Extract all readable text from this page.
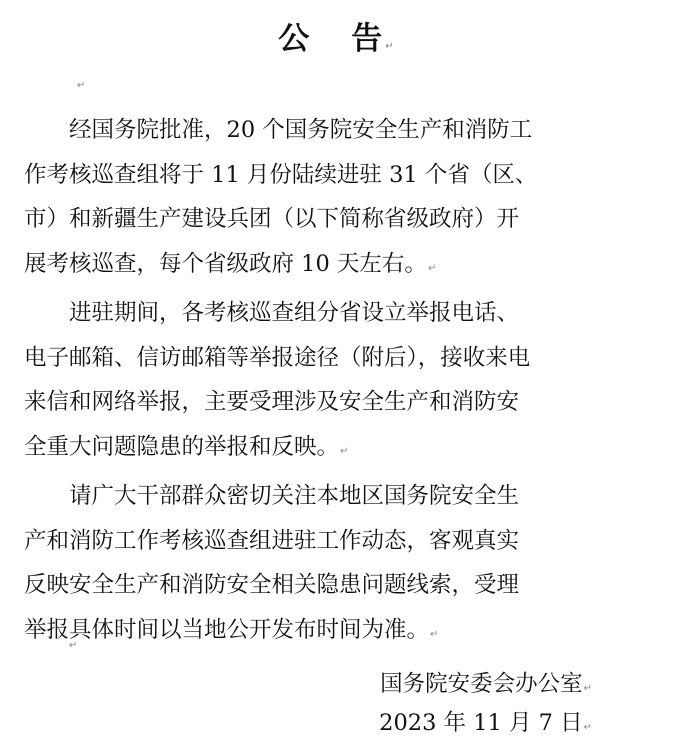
公 告↵
↵
经国务院批准，20 个国务院安全生产和消防工
作考核巡查组将于 11 月份陆续进驻 31 个省（区、
市）和新疆生产建设兵团（以下简称省级政府）开
展考核巡查，每个省级政府 10 天左右。↵
进驻期间，各考核巡查组分省设立举报电话、
电子邮箱、信访邮箱等举报途径（附后），接收来电
来信和网络举报，主要受理涉及安全生产和消防安
全重大问题隐患的举报和反映。↵
请广大干部群众密切关注本地区国务院安全生
产和消防工作考核巡查组进驻工作动态，客观真实
反映安全生产和消防安全相关隐患问题线索，受理
举报具体时间以当地公开发布时间为准。↵
↵
国务院安委会办公室↵
2023 年 11 月 7 日↵
